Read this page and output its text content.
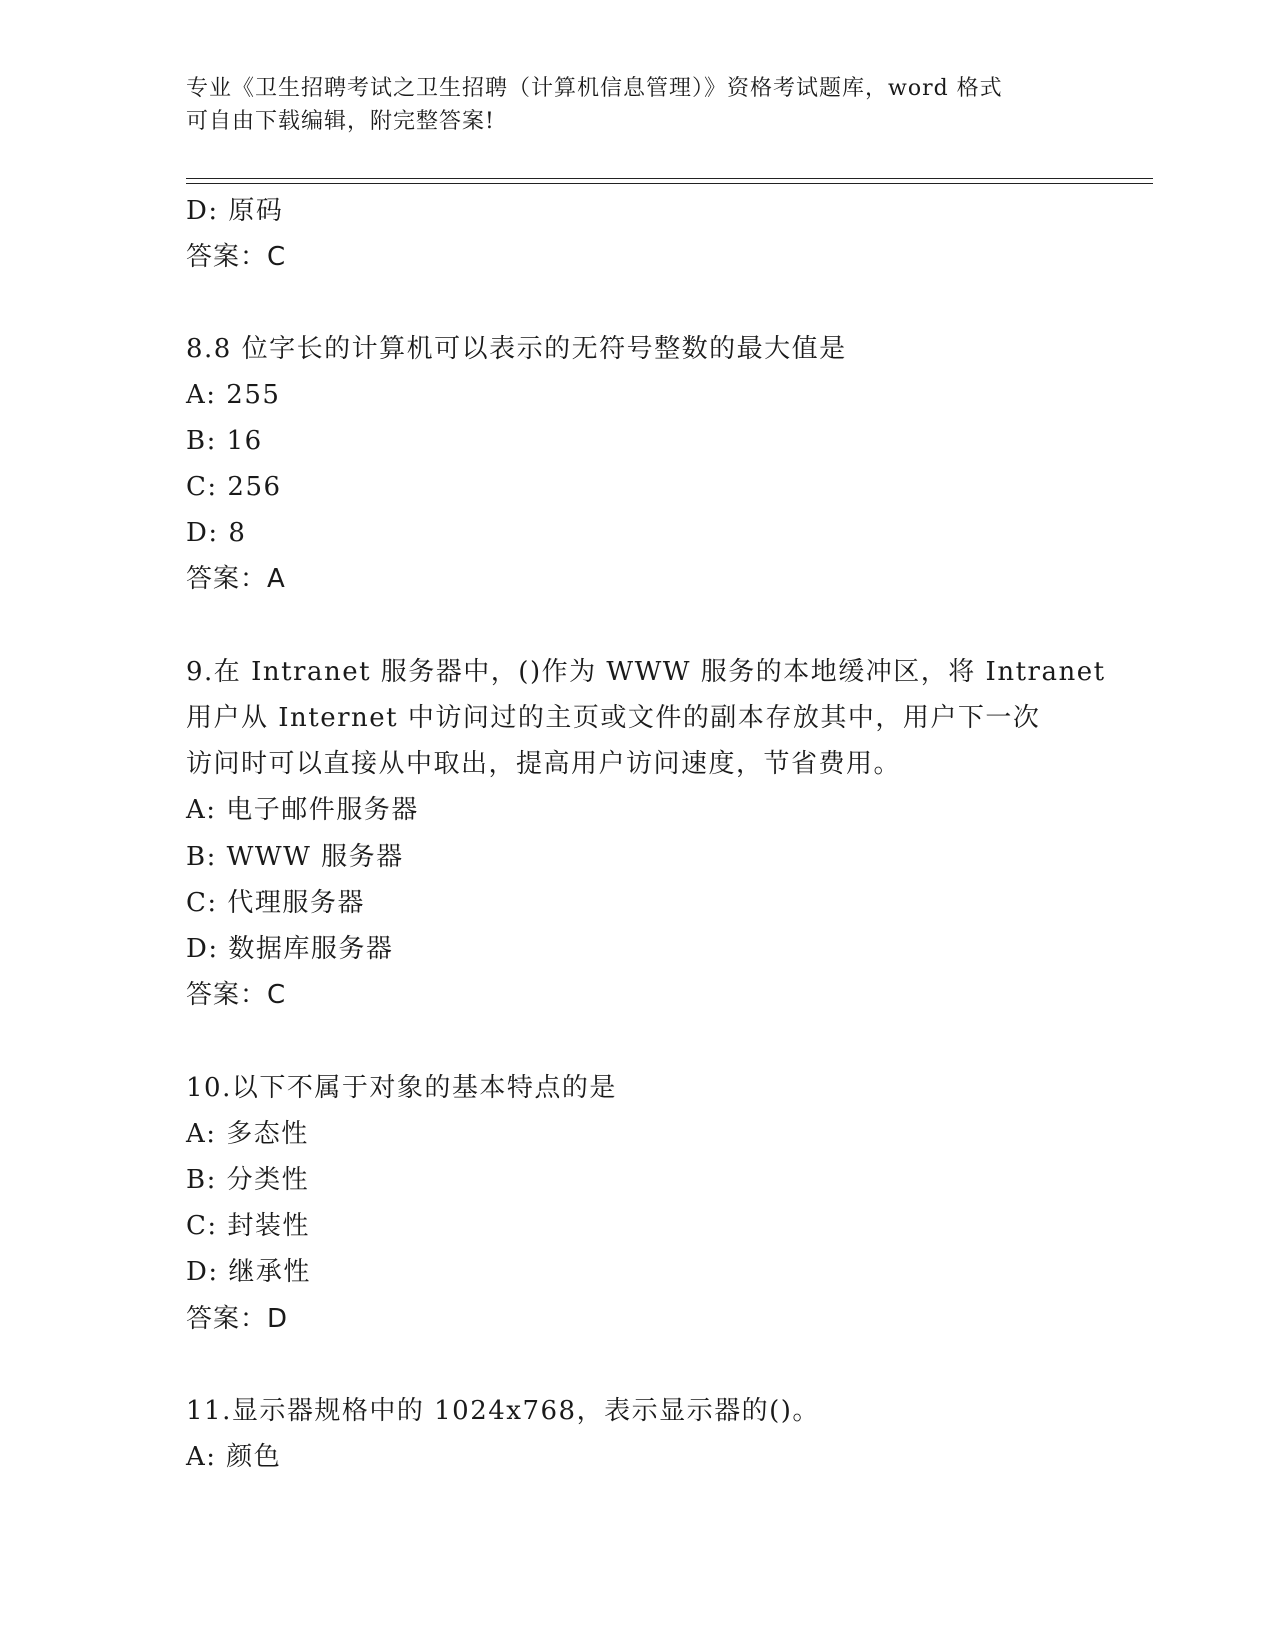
专业《卫生招聘考试之卫生招聘（计算机信息管理）》资格考试题库，word 格式
可自由下载编辑，附完整答案!
D: 原码
答案：C
8.8 位字长的计算机可以表示的无符号整数的最大值是
A: 255
B: 16
C: 256
D: 8
答案：A
9.在 Intranet 服务器中，()作为 WWW 服务的本地缓冲区，将 Intranet
用户从 Internet 中访问过的主页或文件的副本存放其中，用户下一次
访问时可以直接从中取出，提高用户访问速度，节省费用。
A: 电子邮件服务器
B: WWW 服务器
C: 代理服务器
D: 数据库服务器
答案：C
10.以下不属于对象的基本特点的是
A: 多态性
B: 分类性
C: 封装性
D: 继承性
答案：D
11.显示器规格中的 1024x768，表示显示器的()。
A: 颜色
